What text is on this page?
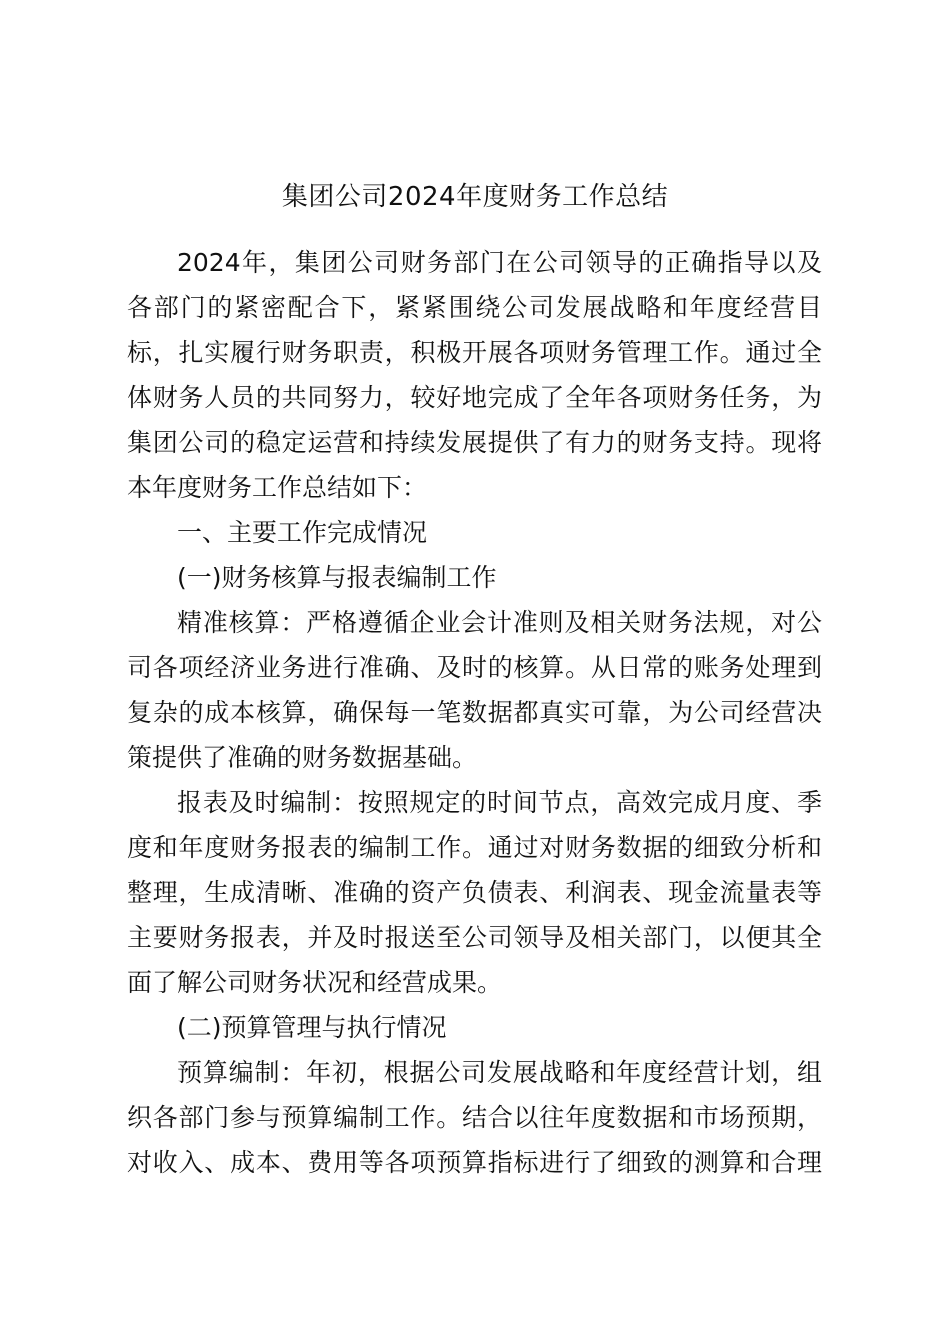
集团公司2024年度财务工作总结
2024年，集团公司财务部门在公司领导的正确指导以及
各部门的紧密配合下，紧紧围绕公司发展战略和年度经营目
标，扎实履行财务职责，积极开展各项财务管理工作。通过全
体财务人员的共同努力，较好地完成了全年各项财务任务，为
集团公司的稳定运营和持续发展提供了有力的财务支持。现将
本年度财务工作总结如下：
一、主要工作完成情况
(一)财务核算与报表编制工作
精准核算：严格遵循企业会计准则及相关财务法规，对公
司各项经济业务进行准确、及时的核算。从日常的账务处理到
复杂的成本核算，确保每一笔数据都真实可靠，为公司经营决
策提供了准确的财务数据基础。
报表及时编制：按照规定的时间节点，高效完成月度、季
度和年度财务报表的编制工作。通过对财务数据的细致分析和
整理，生成清晰、准确的资产负债表、利润表、现金流量表等
主要财务报表，并及时报送至公司领导及相关部门，以便其全
面了解公司财务状况和经营成果。
(二)预算管理与执行情况
预算编制：年初，根据公司发展战略和年度经营计划，组
织各部门参与预算编制工作。结合以往年度数据和市场预期，
对收入、成本、费用等各项预算指标进行了细致的测算和合理
